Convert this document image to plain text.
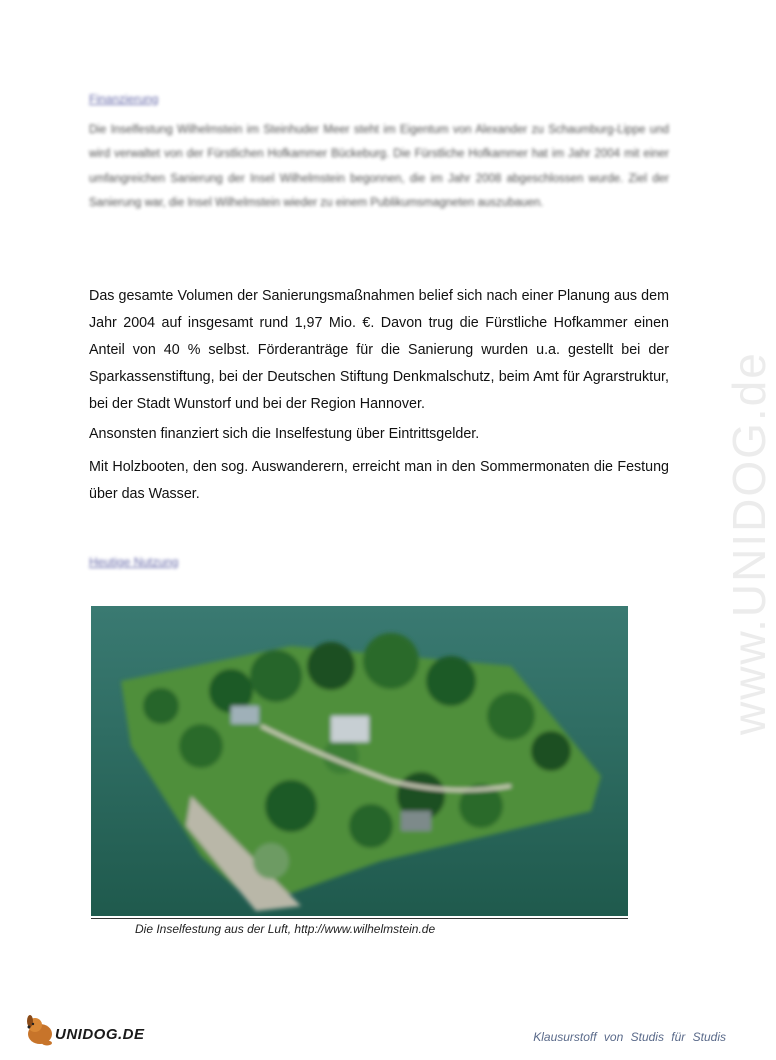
www.UNIDOG.de
Finanzierung

Die Inselfestung Wilhelmstein im Steinhuder Meer steht im Eigentum von Alexander zu Schaumburg-Lippe und wird verwaltet von der Fürstlichen Hofkammer Bückeburg. Die Fürstliche Hofkammer hat im Jahr 2004 mit einer umfangreichen Sanierung der Insel Wilhelmstein begonnen, die im Jahr 2008 abgeschlossen wurde. Ziel der Sanierung war, die Insel Wilhelmstein wieder zu einem Publikumsmagneten auszubauen.

Das gesamte Volumen der Sanierungsmaßnahmen belief sich nach einer Planung aus dem Jahr 2004 auf insgesamt rund 1,97 Mio. €. Davon trug die Fürstliche Hofkammer einen Anteil von 40 % selbst. Förderanträge für die Sanierung wurden u.a. gestellt bei der Sparkassenstiftung, bei der Deutschen Stiftung Denkmalschutz, beim Amt für Agrarstruktur, bei der Stadt Wunstorf und bei der Region Hannover.

Ansonsten finanziert sich die Inselfestung über Eintrittsgelder.

Mit Holzbooten, den sog. Auswanderern, erreicht man in den Sommermonaten die Festung über das Wasser.

Heutige Nutzung
Die Inselfestung aus der Luft, http://www.wilhelmstein.de
UNIDOG.DE	Klausurstoff von Studis für Studis
